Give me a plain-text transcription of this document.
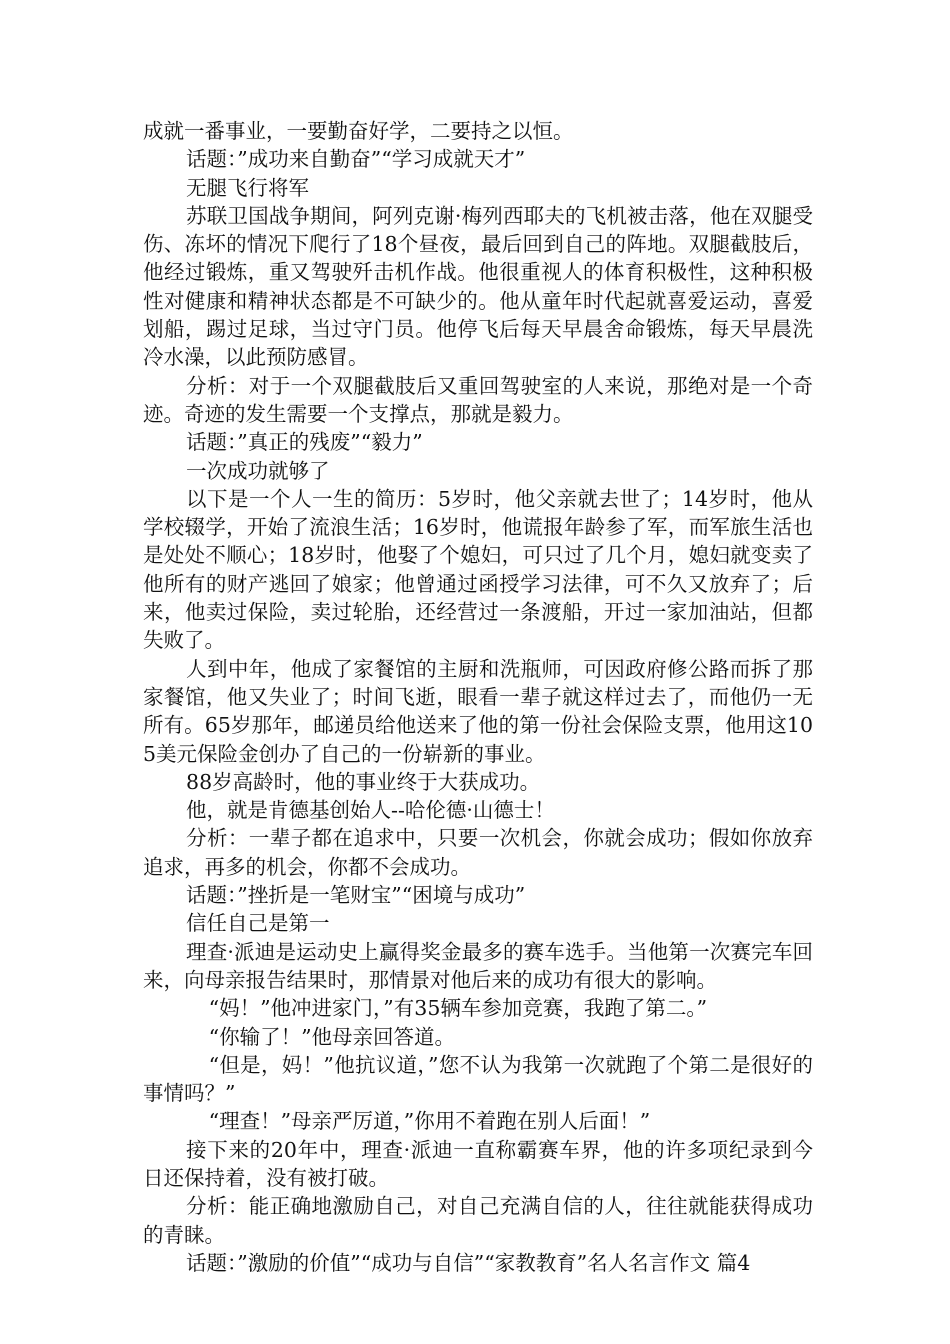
成就一番事业，一要勤奋好学，二要持之以恒。

话题：”成功来自勤奋”“学习成就天才”

无腿飞行将军

苏联卫国战争期间，阿列克谢·梅列西耶夫的飞机被击落，他在双腿受伤、冻坏的情况下爬行了18个昼夜，最后回到自己的阵地。双腿截肢后，他经过锻炼，重又驾驶歼击机作战。他很重视人的体育积极性，这种积极性对健康和精神状态都是不可缺少的。他从童年时代起就喜爱运动，喜爱划船，踢过足球，当过守门员。他停飞后每天早晨舍命锻炼，每天早晨洗冷水澡，以此预防感冒。

分析：对于一个双腿截肢后又重回驾驶室的人来说，那绝对是一个奇迹。奇迹的发生需要一个支撑点，那就是毅力。

话题：”真正的残废”“毅力”

一次成功就够了

以下是一个人一生的简历：5岁时，他父亲就去世了；14岁时，他从学校辍学，开始了流浪生活；16岁时，他谎报年龄参了军，而军旅生活也是处处不顺心；18岁时，他娶了个媳妇，可只过了几个月，媳妇就变卖了他所有的财产逃回了娘家；他曾通过函授学习法律，可不久又放弃了；后来，他卖过保险，卖过轮胎，还经营过一条渡船，开过一家加油站，但都失败了。

人到中年，他成了家餐馆的主厨和洗瓶师，可因政府修公路而拆了那家餐馆，他又失业了；时间飞逝，眼看一辈子就这样过去了，而他仍一无所有。65岁那年，邮递员给他送来了他的第一份社会保险支票，他用这105美元保险金创办了自己的一份崭新的事业。

88岁高龄时，他的事业终于大获成功。

他，就是肯德基创始人--哈伦德·山德士！

分析：一辈子都在追求中，只要一次机会，你就会成功；假如你放弃追求，再多的机会，你都不会成功。

话题：”挫折是一笔财宝”“困境与成功”

信任自己是第一

理查·派迪是运动史上赢得奖金最多的赛车选手。当他第一次赛完车回来，向母亲报告结果时，那情景对他后来的成功有很大的影响。

“妈！”他冲进家门，”有35辆车参加竞赛，我跑了第二。”

“你输了！”他母亲回答道。

“但是，妈！”他抗议道，”您不认为我第一次就跑了个第二是很好的事情吗？”

“理查！”母亲严厉道，”你用不着跑在别人后面！”

接下来的20年中，理查·派迪一直称霸赛车界，他的许多项纪录到今日还保持着，没有被打破。

分析：能正确地激励自己，对自己充满自信的人，往往就能获得成功的青睐。

话题：”激励的价值”“成功与自信”“家教教育”名人名言作文 篇4
